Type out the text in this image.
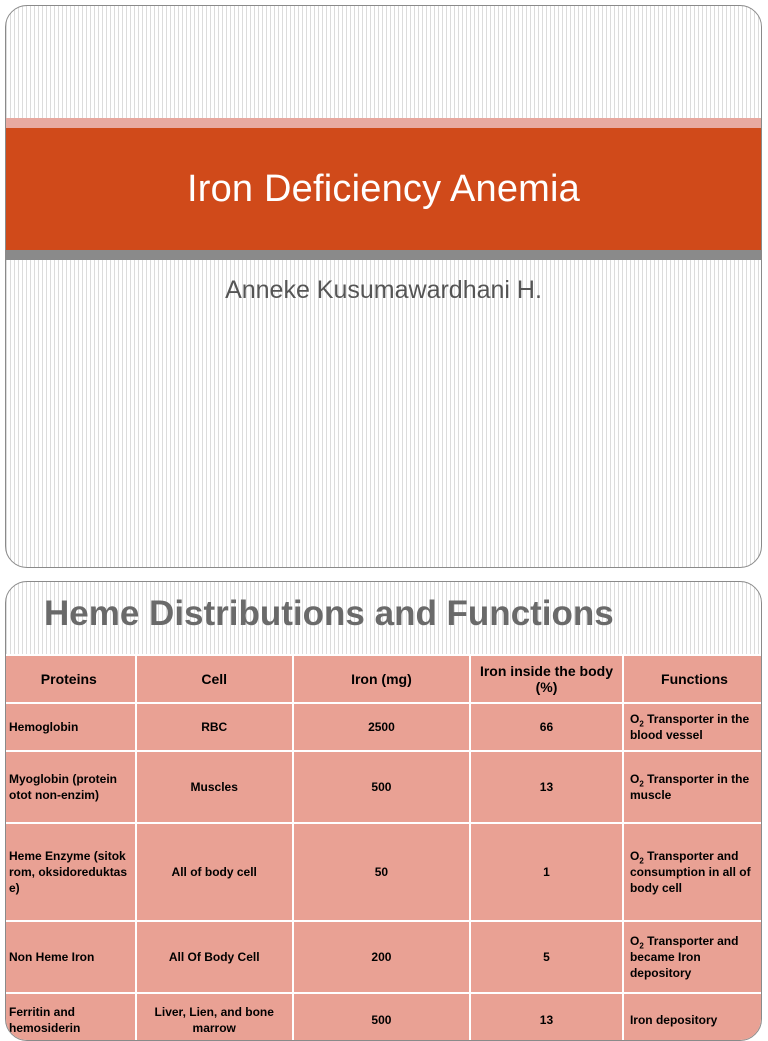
Iron Deficiency Anemia
Anneke Kusumawardhani H.
Heme Distributions and Functions
Proteins	Cell	Iron (mg)	Iron inside the body (%)	Functions
Hemoglobin	RBC	2500	66	$O_2$ Transporter in the blood vessel
Myoglobin (protein otot non-enzim)	Muscles	500	13	$O_2$ Transporter in the muscle
Heme Enzyme (sitokrom, oksidoreduktase)	All of body cell	50	1	$O_2$ Transporter and consumption in all of body cell
Non Heme Iron	All Of Body Cell	200	5	$O_2$ Transporter and became Iron depository
Ferritin and hemosiderin	Liver, Lien, and bone marrow	500	13	Iron depository
